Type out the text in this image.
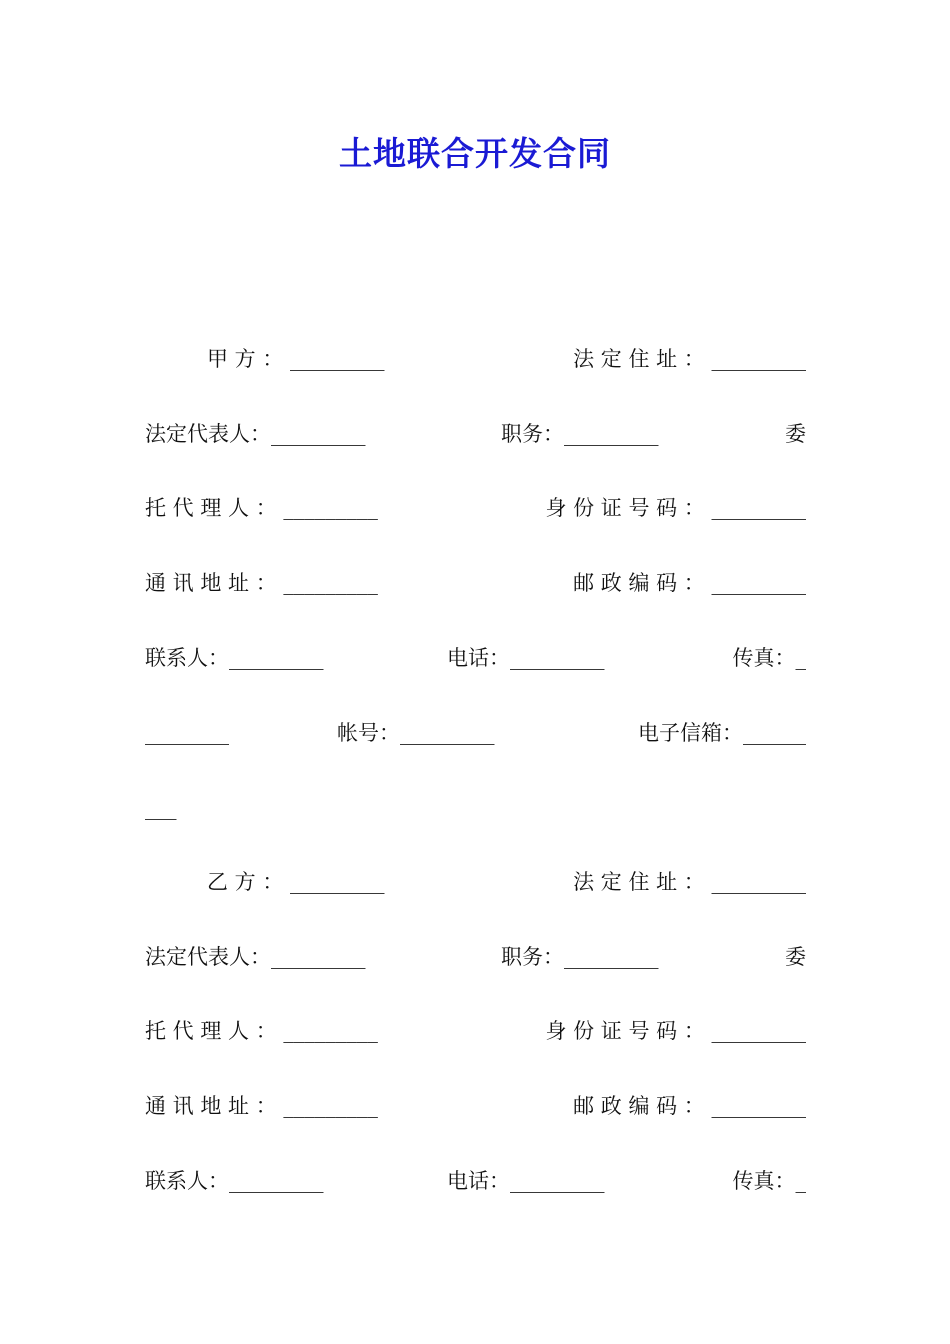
土地联合开发合同
甲 方 ： _________	法 定 住 址 ： _________
法定代表人：_________	职务：_________	委
托 代 理 人 ： _________	身 份 证 号 码 ： _________
通 讯 地 址 ： _________	邮 政 编 码 ： _________
联系人：_________	电话：_________	传真：_
________	帐号：_________	电子信箱：______
___
乙 方 ： _________	法 定 住 址 ： _________
法定代表人：_________	职务：_________	委
托 代 理 人 ： _________	身 份 证 号 码 ： _________
通 讯 地 址 ： _________	邮 政 编 码 ： _________
联系人：_________	电话：_________	传真：_
